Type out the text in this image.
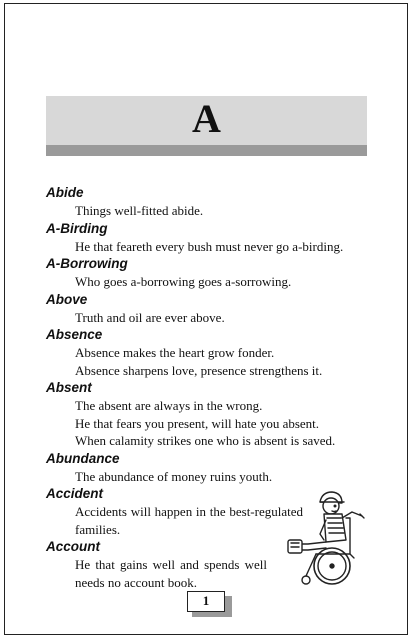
A
Abide
Things well-fitted abide.
A-Birding
He that feareth every bush must never go a-birding.
A-Borrowing
Who goes a-borrowing goes a-sorrowing.
Above
Truth and oil are ever above.
Absence
Absence makes the heart grow fonder.
Absence sharpens love, presence strengthens it.
Absent
The absent are always in the wrong.
He that fears you present, will hate you absent.
When calamity strikes one who is absent is saved.
Abundance
The abundance of money ruins youth.
Accident
Accidents will happen in the best-regulated families.
Account
He that gains well and spends well needs no account book.
1
